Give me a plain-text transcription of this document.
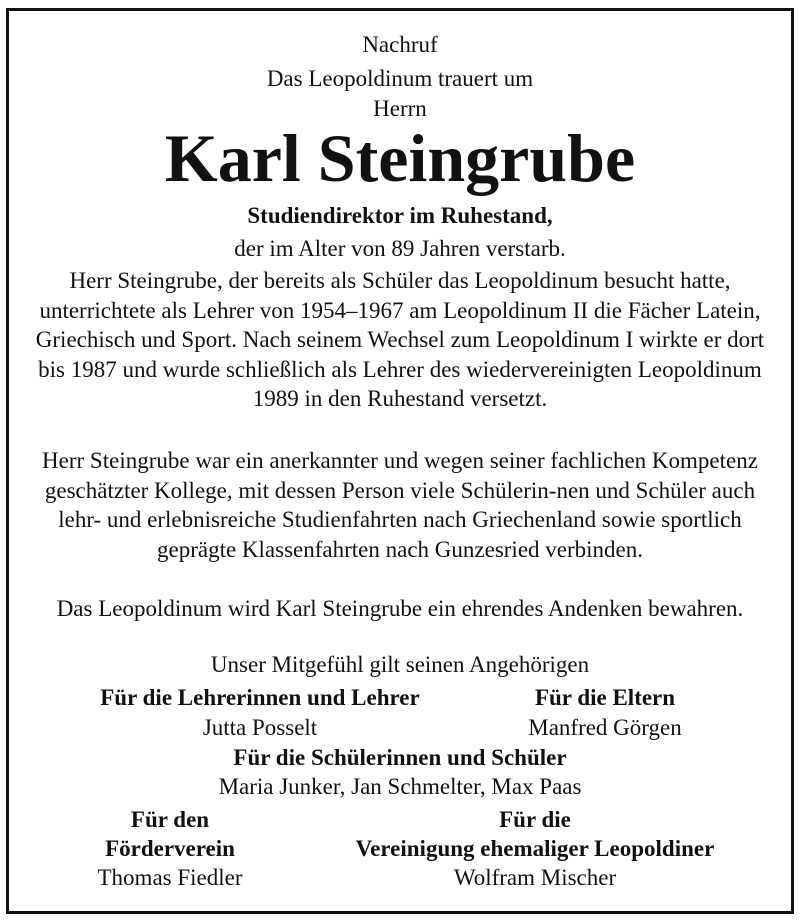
Nachruf
Das Leopoldinum trauert um
Herrn
Karl Steingrube
Studiendirektor im Ruhestand,
der im Alter von 89 Jahren verstarb.
Herr Steingrube, der bereits als Schüler das Leopoldinum besucht hatte, unterrichtete als Lehrer von 1954–1967 am Leopoldinum II die Fächer Latein, Griechisch und Sport. Nach seinem Wechsel zum Leopoldinum I wirkte er dort bis 1987 und wurde schließlich als Lehrer des wiedervereinigten Leopoldinum 1989 in den Ruhestand versetzt.
Herr Steingrube war ein anerkannter und wegen seiner fachlichen Kompetenz geschätzter Kollege, mit dessen Person viele Schülerin-nen und Schüler auch lehr- und erlebnisreiche Studienfahrten nach Griechenland sowie sportlich geprägte Klassenfahrten nach Gunzesried verbinden.
Das Leopoldinum wird Karl Steingrube ein ehrendes Andenken bewahren.
Unser Mitgefühl gilt seinen Angehörigen
Für die Lehrerinnen und Lehrer
Jutta Posselt
Für die Eltern
Manfred Görgen
Für die Schülerinnen und Schüler
Maria Junker, Jan Schmelter, Max Paas
Für den
Förderverein
Thomas Fiedler
Für die
Vereinigung ehemaliger Leopoldiner
Wolfram Mischer
